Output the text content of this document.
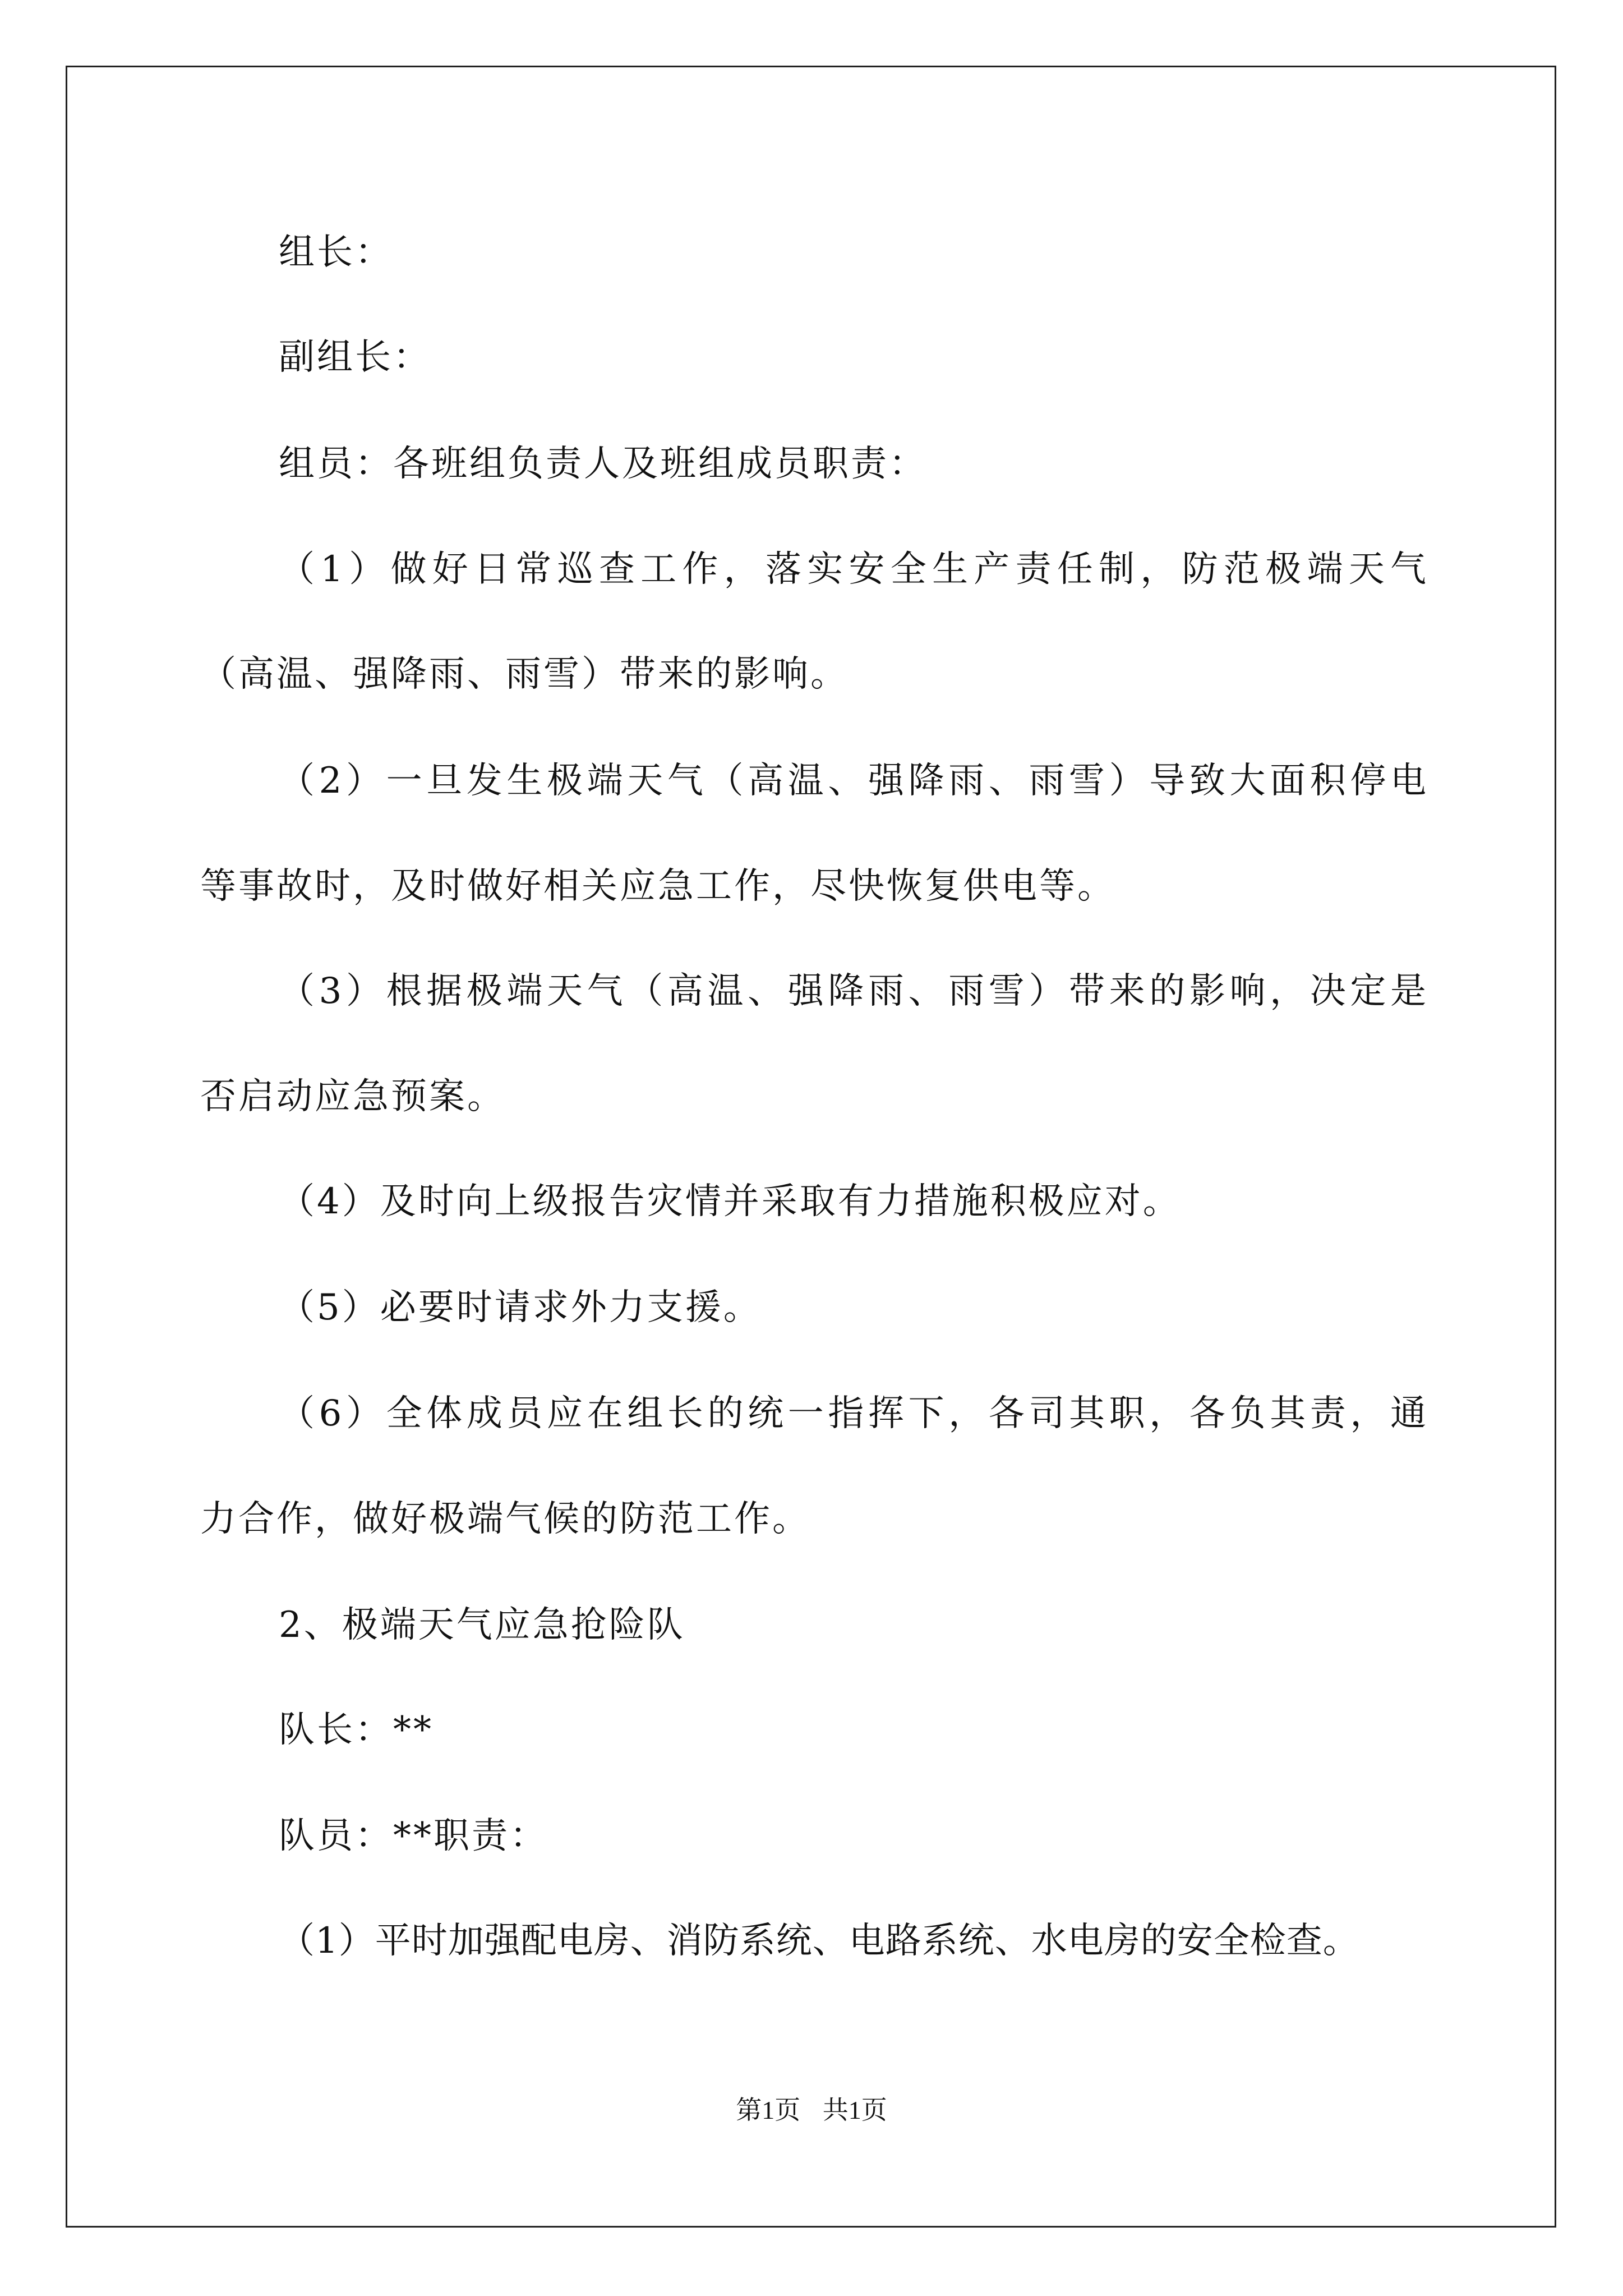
组长：
副组长：
组员：各班组负责人及班组成员职责：
（1）做好日常巡查工作，落实安全生产责任制，防范极端天气
（高温、强降雨、雨雪）带来的影响。
（2）一旦发生极端天气（高温、强降雨、雨雪）导致大面积停电
等事故时，及时做好相关应急工作，尽快恢复供电等。
（3）根据极端天气（高温、强降雨、雨雪）带来的影响，决定是
否启动应急预案。
（4）及时向上级报告灾情并采取有力措施积极应对。
（5）必要时请求外力支援。
（6）全体成员应在组长的统一指挥下，各司其职，各负其责，通
力合作，做好极端气候的防范工作。
2、极端天气应急抢险队
队长：**
队员：**职责：
（1）平时加强配电房、消防系统、电路系统、水电房的安全检查。
第1页 共1页
